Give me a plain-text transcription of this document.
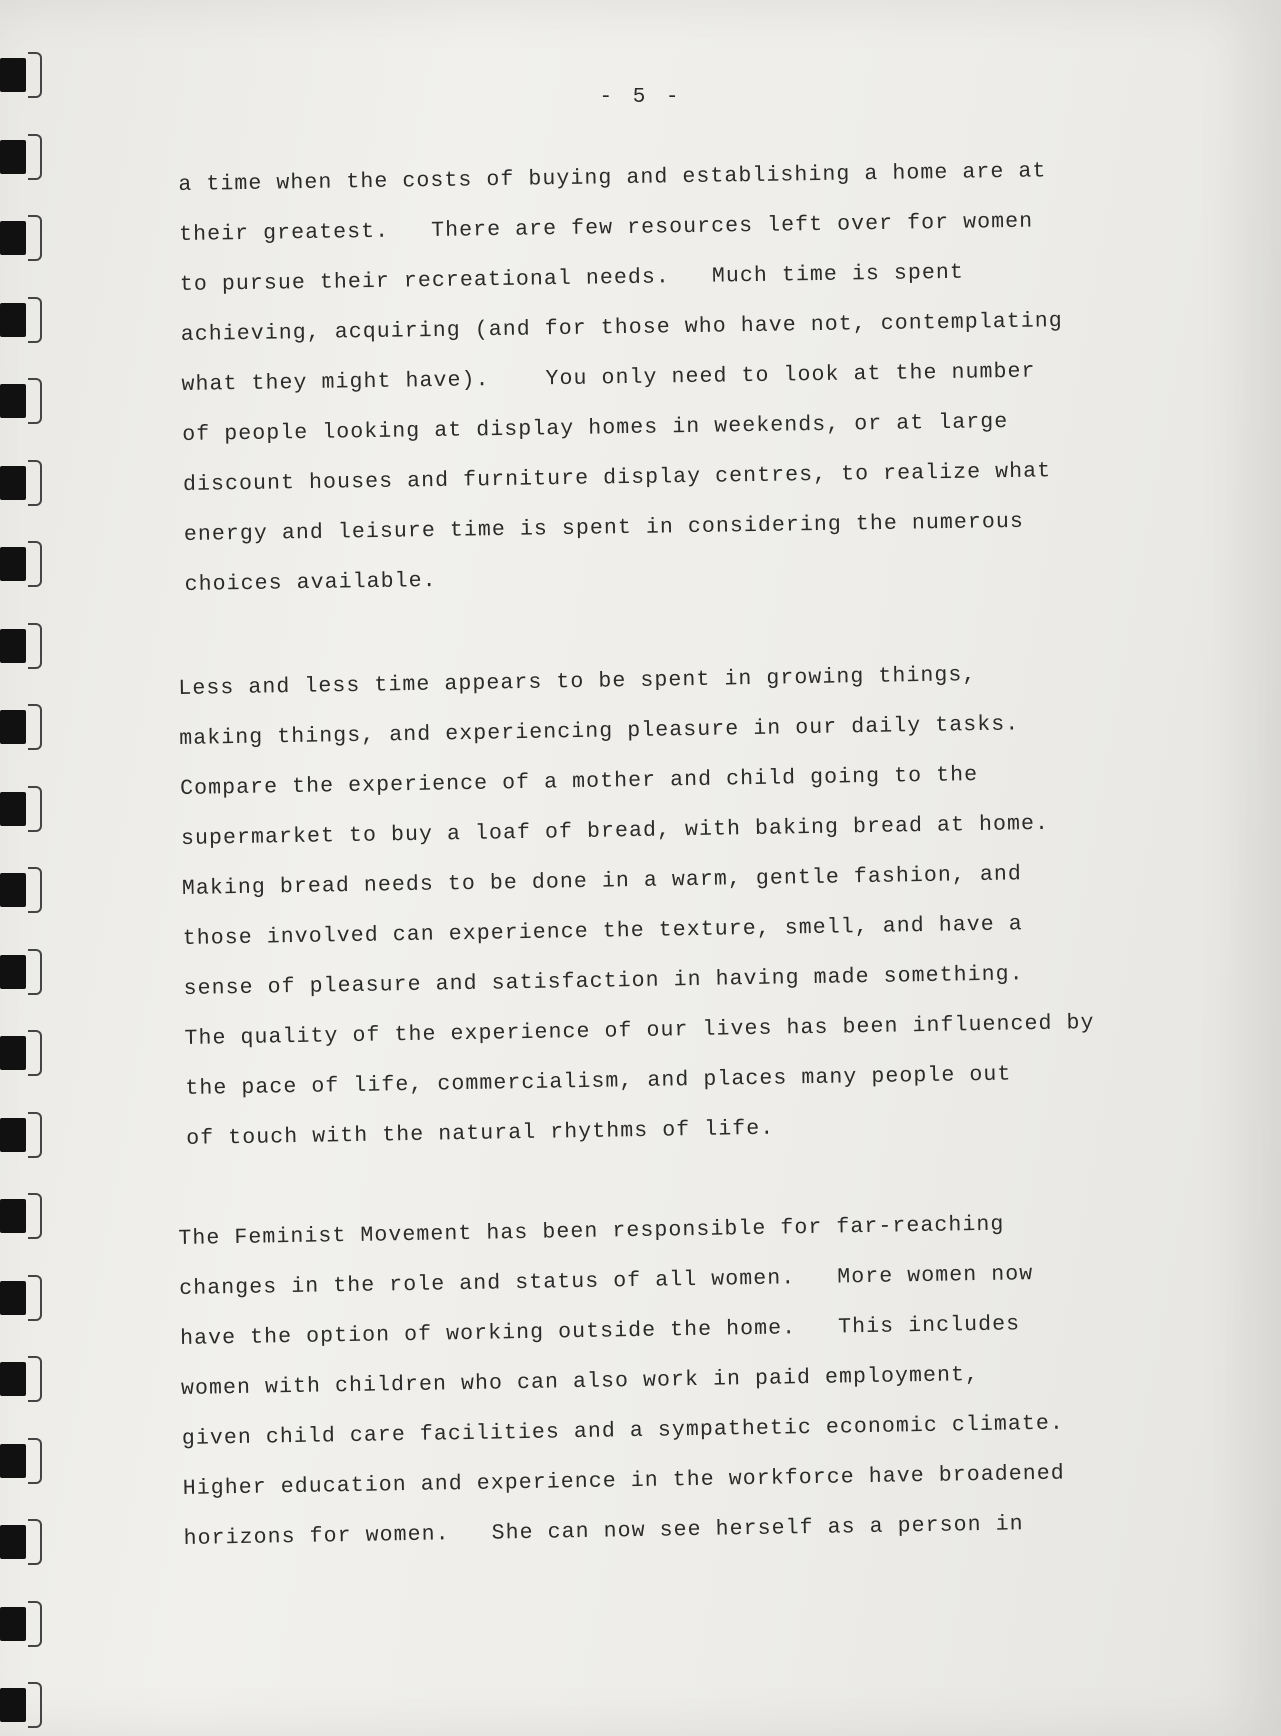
- 5 -
a time when the costs of buying and establishing a home are at
their greatest.   There are few resources left over for women
to pursue their recreational needs.   Much time is spent
achieving, acquiring (and for those who have not, contemplating
what they might have).    You only need to look at the number
of people looking at display homes in weekends, or at large
discount houses and furniture display centres, to realize what
energy and leisure time is spent in considering the numerous
choices available.
Less and less time appears to be spent in growing things,
making things, and experiencing pleasure in our daily tasks.
Compare the experience of a mother and child going to the
supermarket to buy a loaf of bread, with baking bread at home.
Making bread needs to be done in a warm, gentle fashion, and
those involved can experience the texture, smell, and have a
sense of pleasure and satisfaction in having made something.
The quality of the experience of our lives has been influenced by
the pace of life, commercialism, and places many people out
of touch with the natural rhythms of life.
The Feminist Movement has been responsible for far-reaching
changes in the role and status of all women.   More women now
have the option of working outside the home.   This includes
women with children who can also work in paid employment,
given child care facilities and a sympathetic economic climate.
Higher education and experience in the workforce have broadened
horizons for women.   She can now see herself as a person in
